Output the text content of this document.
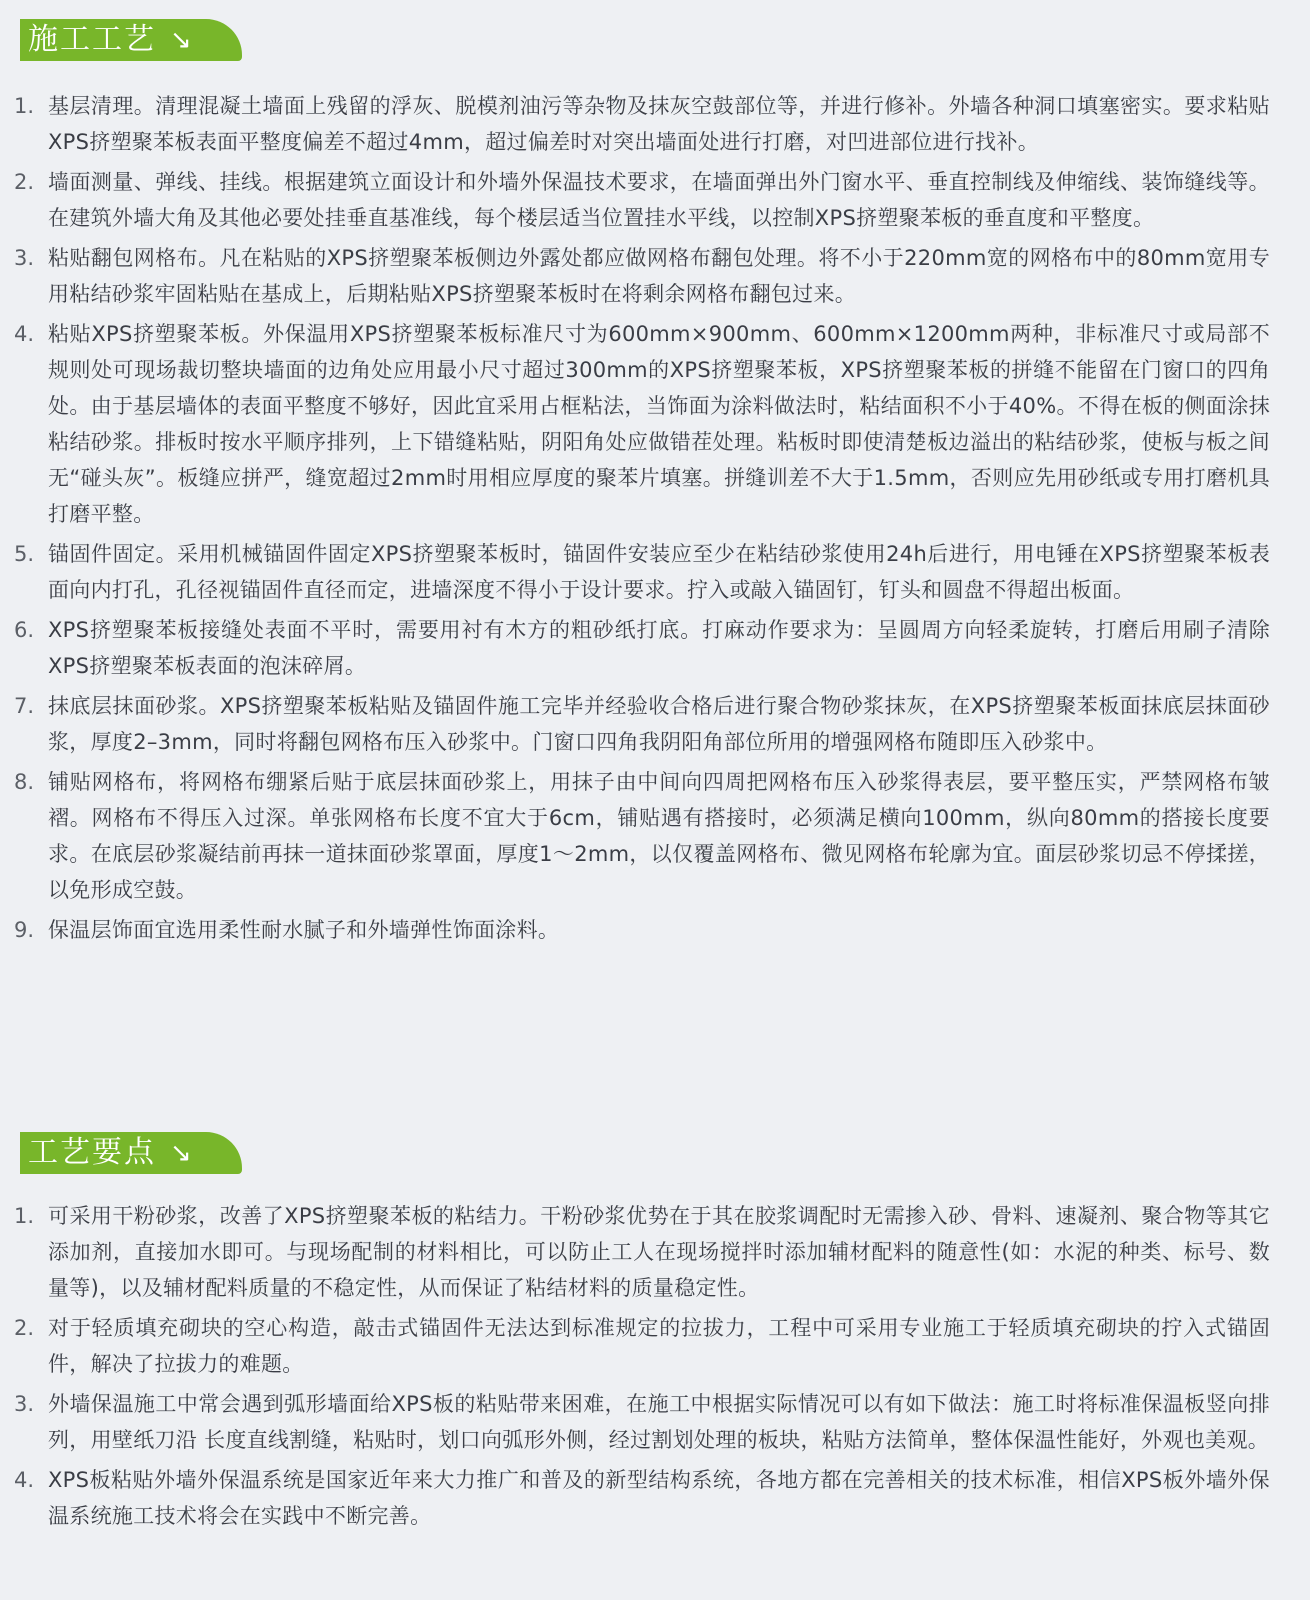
施工工艺 ↘
1. 基层清理。清理混凝土墙面上残留的浮灰、脱模剂油污等杂物及抹灰空鼓部位等，并进行修补。外墙各种洞口填塞密实。要求粘贴XPS挤塑聚苯板表面平整度偏差不超过4mm，超过偏差时对突出墙面处进行打磨，对凹进部位进行找补。

2. 墙面测量、弹线、挂线。根据建筑立面设计和外墙外保温技术要求，在墙面弹出外门窗水平、垂直控制线及伸缩线、装饰缝线等。在建筑外墙大角及其他必要处挂垂直基准线，每个楼层适当位置挂水平线，以控制XPS挤塑聚苯板的垂直度和平整度。

3. 粘贴翻包网格布。凡在粘贴的XPS挤塑聚苯板侧边外露处都应做网格布翻包处理。将不小于220mm宽的网格布中的80mm宽用专用粘结砂浆牢固粘贴在基成上，后期粘贴XPS挤塑聚苯板时在将剩余网格布翻包过来。

4. 粘贴XPS挤塑聚苯板。外保温用XPS挤塑聚苯板标准尺寸为600mm×900mm、600mm×1200mm两种，非标准尺寸或局部不规则处可现场裁切整块墙面的边角处应用最小尺寸超过300mm的XPS挤塑聚苯板，XPS挤塑聚苯板的拼缝不能留在门窗口的四角处。由于基层墙体的表面平整度不够好，因此宜采用占框粘法，当饰面为涂料做法时，粘结面积不小于40%。不得在板的侧面涂抹粘结砂浆。排板时按水平顺序排列，上下错缝粘贴，阴阳角处应做错茬处理。粘板时即使清楚板边溢出的粘结砂浆，使板与板之间无“碰头灰”。板缝应拼严，缝宽超过2mm时用相应厚度的聚苯片填塞。拼缝训差不大于1.5mm，否则应先用砂纸或专用打磨机具打磨平整。

5. 锚固件固定。采用机械锚固件固定XPS挤塑聚苯板时，锚固件安装应至少在粘结砂浆使用24h后进行，用电锤在XPS挤塑聚苯板表面向内打孔，孔径视锚固件直径而定，进墙深度不得小于设计要求。拧入或敲入锚固钉，钉头和圆盘不得超出板面。

6. XPS挤塑聚苯板接缝处表面不平时，需要用衬有木方的粗砂纸打底。打麻动作要求为：呈圆周方向轻柔旋转，打磨后用刷子清除XPS挤塑聚苯板表面的泡沫碎屑。

7. 抹底层抹面砂浆。XPS挤塑聚苯板粘贴及锚固件施工完毕并经验收合格后进行聚合物砂浆抹灰，在XPS挤塑聚苯板面抹底层抹面砂浆，厚度2–3mm，同时将翻包网格布压入砂浆中。门窗口四角我阴阳角部位所用的增强网格布随即压入砂浆中。

8. 铺贴网格布，将网格布绷紧后贴于底层抹面砂浆上，用抹子由中间向四周把网格布压入砂浆得表层，要平整压实，严禁网格布皱褶。网格布不得压入过深。单张网格布长度不宜大于6cm，铺贴遇有搭接时，必须满足横向100mm，纵向80mm的搭接长度要求。在底层砂浆凝结前再抹一道抹面砂浆罩面，厚度1～2mm，以仅覆盖网格布、微见网格布轮廓为宜。面层砂浆切忌不停揉搓，以免形成空鼓。

9. 保温层饰面宜选用柔性耐水腻子和外墙弹性饰面涂料。

工艺要点 ↘
1. 可采用干粉砂浆，改善了XPS挤塑聚苯板的粘结力。干粉砂浆优势在于其在胶浆调配时无需掺入砂、骨料、速凝剂、聚合物等其它添加剂，直接加水即可。与现场配制的材料相比，可以防止工人在现场搅拌时添加辅材配料的随意性(如：水泥的种类、标号、数量等)，以及辅材配料质量的不稳定性，从而保证了粘结材料的质量稳定性。

2. 对于轻质填充砌块的空心构造，敲击式锚固件无法达到标准规定的拉拔力，工程中可采用专业施工于轻质填充砌块的拧入式锚固件，解决了拉拔力的难题。

3. 外墙保温施工中常会遇到弧形墙面给XPS板的粘贴带来困难，在施工中根据实际情况可以有如下做法：施工时将标准保温板竖向排列，用壁纸刀沿 长度直线割缝，粘贴时，划口向弧形外侧，经过割划处理的板块，粘贴方法简单，整体保温性能好，外观也美观。

4. XPS板粘贴外墙外保温系统是国家近年来大力推广和普及的新型结构系统，各地方都在完善相关的技术标准，相信XPS板外墙外保温系统施工技术将会在实践中不断完善。
